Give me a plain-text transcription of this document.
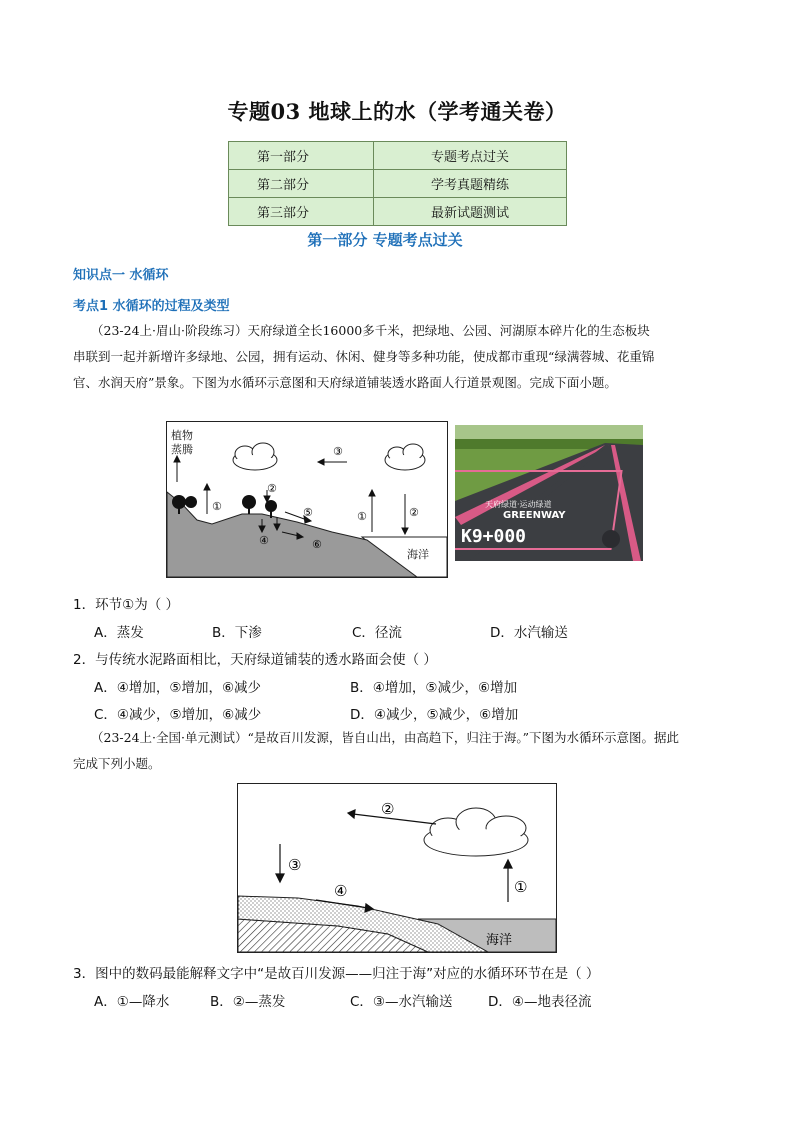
专题03 地球上的水（学考通关卷）
第一部分	专题考点过关
第二部分	学考真题精练
第三部分	最新试题测试
第一部分 专题考点过关
知识点一 水循环
考点1 水循环的过程及类型
（23-24上·眉山·阶段练习）天府绿道全长16000多千米，把绿地、公园、河湖原本碎片化的生态板块
串联到一起并新增许多绿地、公园，拥有运动、休闲、健身等多种功能，使成都市重现“绿满蓉城、花重锦
官、水润天府”景象。下图为水循环示意图和天府绿道铺装透水路面人行道景观图。完成下面小题。
植物
蒸腾
海洋
①
①
②
②
③
④
⑤
⑥
天府绿道·运动绿道
GREENWAY
K9+000
1．环节①为（ ）
A．蒸发	B．下渗	C．径流	D．水汽输送
2．与传统水泥路面相比，天府绿道铺装的透水路面会使（ ）
A．④增加，⑤增加，⑥减少	B．④增加，⑤减少，⑥增加
C．④减少，⑤增加，⑥减少	D．④减少，⑤减少，⑥增加
（23-24上·全国·单元测试）“是故百川发源，皆自山出，由高趋下，归注于海。”下图为水循环示意图。据此
完成下列小题。
②
③
①
④
海洋
3．图中的数码最能解释文字中“是故百川发源——归注于海”对应的水循环环节在是（ ）
A．①—降水	B．②—蒸发	C．③—水汽输送	D．④—地表径流
